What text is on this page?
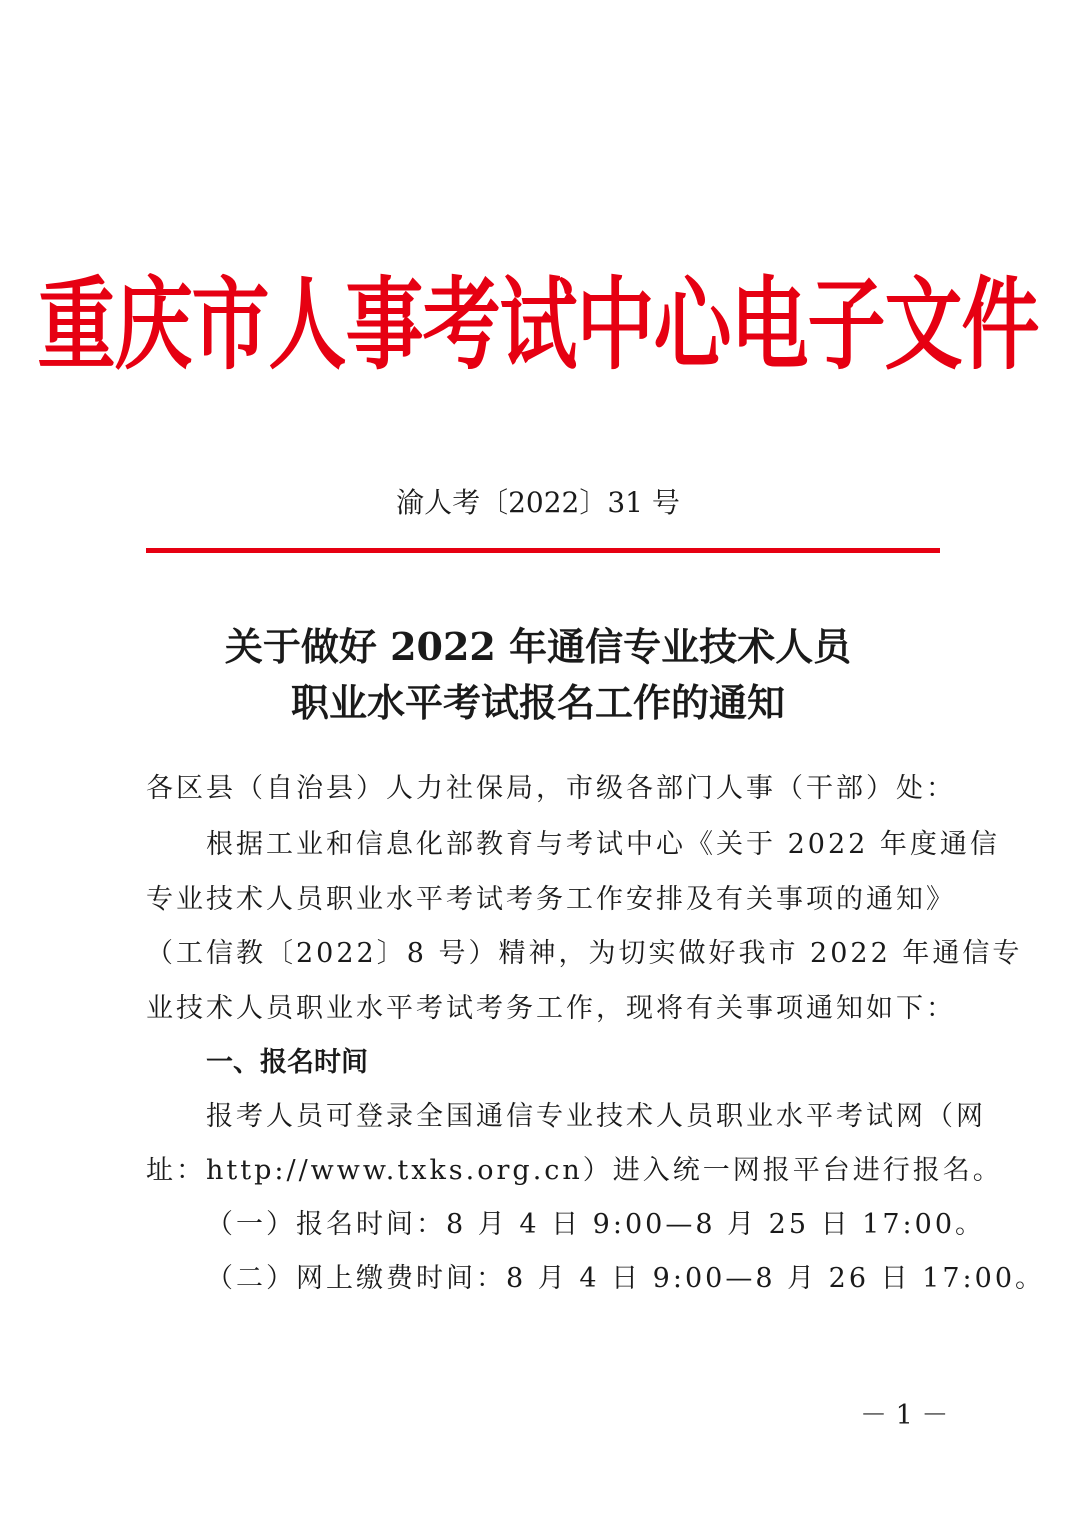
重庆市人事考试中心电子文件
渝人考〔2022〕31 号
关于做好 2022 年通信专业技术人员
职业水平考试报名工作的通知
各区县（自治县）人力社保局，市级各部门人事（干部）处：
根据工业和信息化部教育与考试中心《关于 2022 年度通信
专业技术人员职业水平考试考务工作安排及有关事项的通知》
（工信教〔2022〕8 号）精神，为切实做好我市 2022 年通信专
业技术人员职业水平考试考务工作，现将有关事项通知如下：
一、报名时间
报考人员可登录全国通信专业技术人员职业水平考试网（网
址：http://www.txks.org.cn）进入统一网报平台进行报名。
（一）报名时间：8 月 4 日 9:00—8 月 25 日 17:00。
（二）网上缴费时间：8 月 4 日 9:00—8 月 26 日 17:00。
－ 1 －
